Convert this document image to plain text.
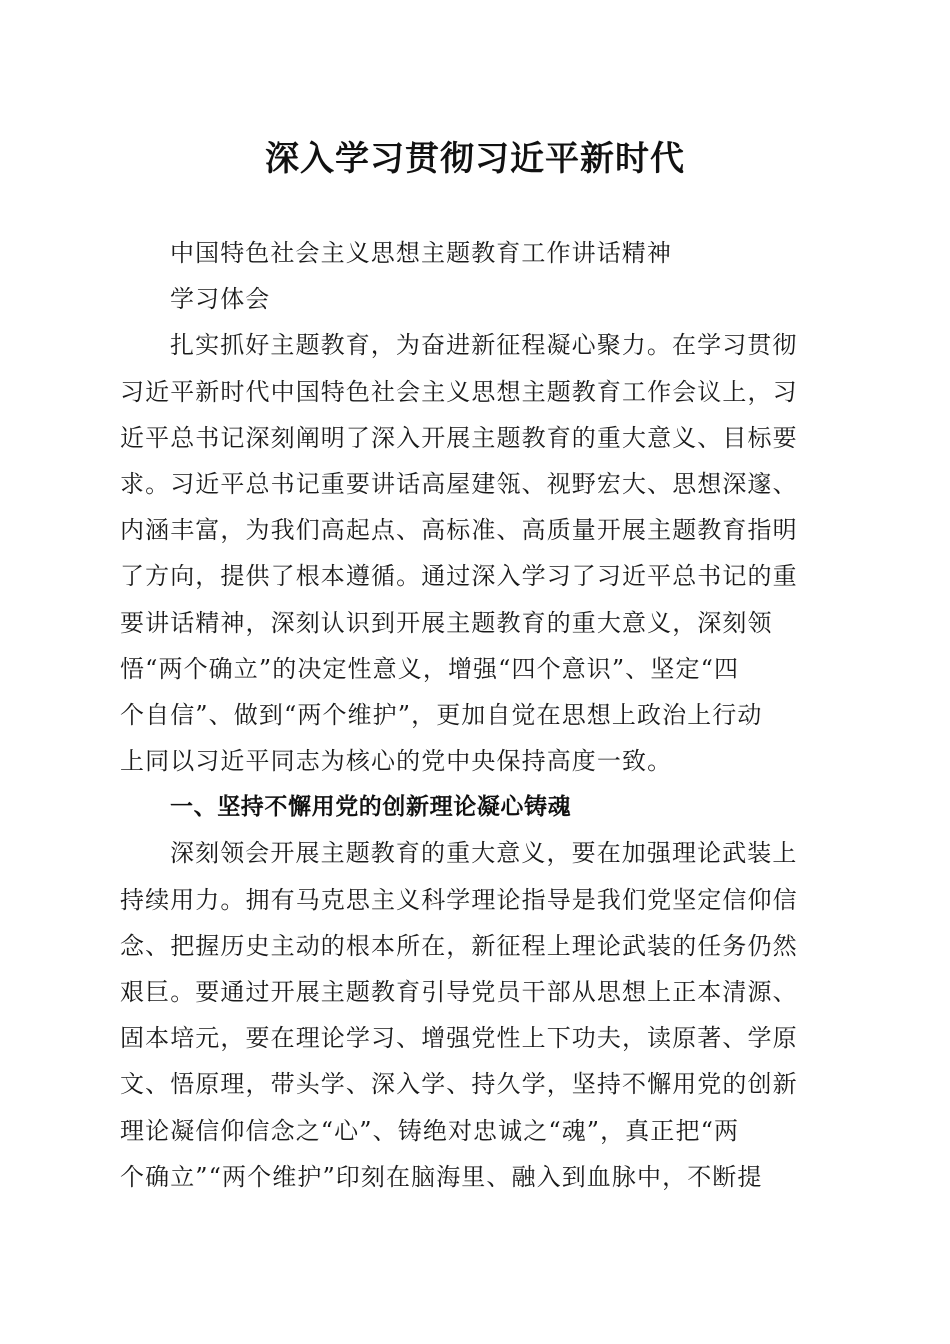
深入学习贯彻习近平新时代
中国特色社会主义思想主题教育工作讲话精神
学习体会
扎实抓好主题教育，为奋进新征程凝心聚力。在学习贯彻
习近平新时代中国特色社会主义思想主题教育工作会议上，习
近平总书记深刻阐明了深入开展主题教育的重大意义、目标要
求。习近平总书记重要讲话高屋建瓴、视野宏大、思想深邃、
内涵丰富，为我们高起点、高标准、高质量开展主题教育指明
了方向，提供了根本遵循。通过深入学习了习近平总书记的重
要讲话精神，深刻认识到开展主题教育的重大意义，深刻领
悟“两个确立”的决定性意义，增强“四个意识”、坚定“四
个自信”、做到“两个维护”，更加自觉在思想上政治上行动
上同以习近平同志为核心的党中央保持高度一致。
一、坚持不懈用党的创新理论凝心铸魂
深刻领会开展主题教育的重大意义，要在加强理论武装上
持续用力。拥有马克思主义科学理论指导是我们党坚定信仰信
念、把握历史主动的根本所在，新征程上理论武装的任务仍然
艰巨。要通过开展主题教育引导党员干部从思想上正本清源、
固本培元，要在理论学习、增强党性上下功夫，读原著、学原
文、悟原理，带头学、深入学、持久学，坚持不懈用党的创新
理论凝信仰信念之“心”、铸绝对忠诚之“魂”，真正把“两
个确立”“两个维护”印刻在脑海里、融入到血脉中，不断提
